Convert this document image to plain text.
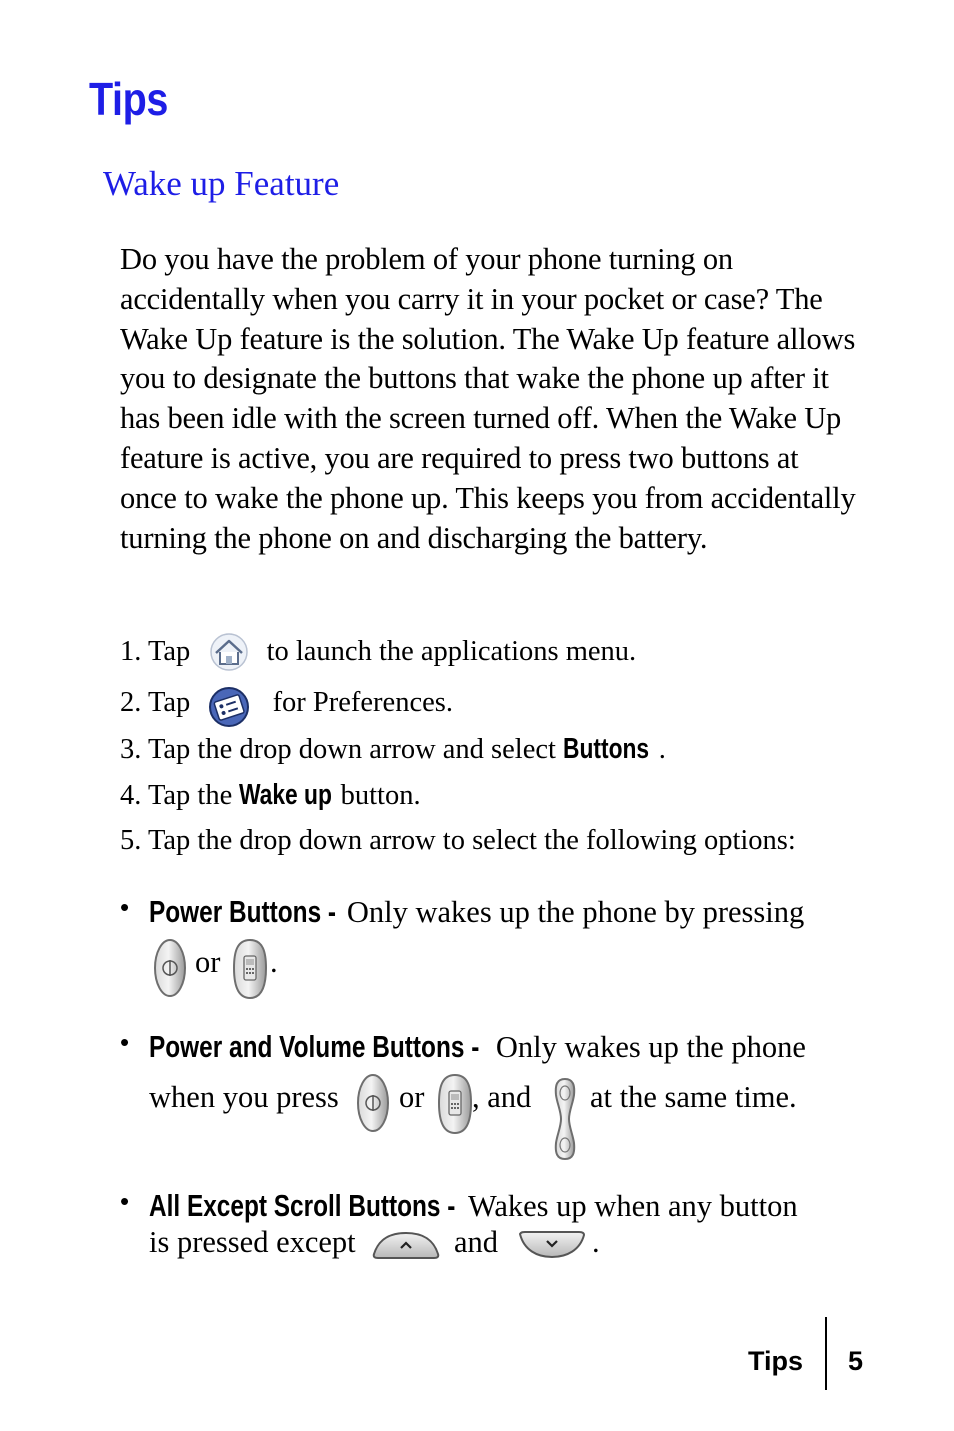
Tips
Wake up Feature

Do you have the problem of your phone turning on accidentally when you carry it in your pocket or case? The Wake Up feature is the solution. The Wake Up feature allows you to designate the buttons that wake the phone up after it has been idle with the screen turned off. When the Wake Up feature is active, you are required to press two buttons at once to wake the phone up. This keeps you from accidentally turning the phone on and discharging the battery.

1. Tap	to launch the applications menu.
2. Tap	for Preferences.
3. Tap the drop down arrow and select Buttons .
4. Tap the Wake up button.
5. Tap the drop down arrow to select the following options:
• Power Buttons -Only wakes up the phone by pressing
or .
• Power and Volume Buttons -Only wakes up the phone
when you press or , and at the same time.
• All Except Scroll Buttons -Wakes up when any button
is pressed except	and	.
Tips 5
